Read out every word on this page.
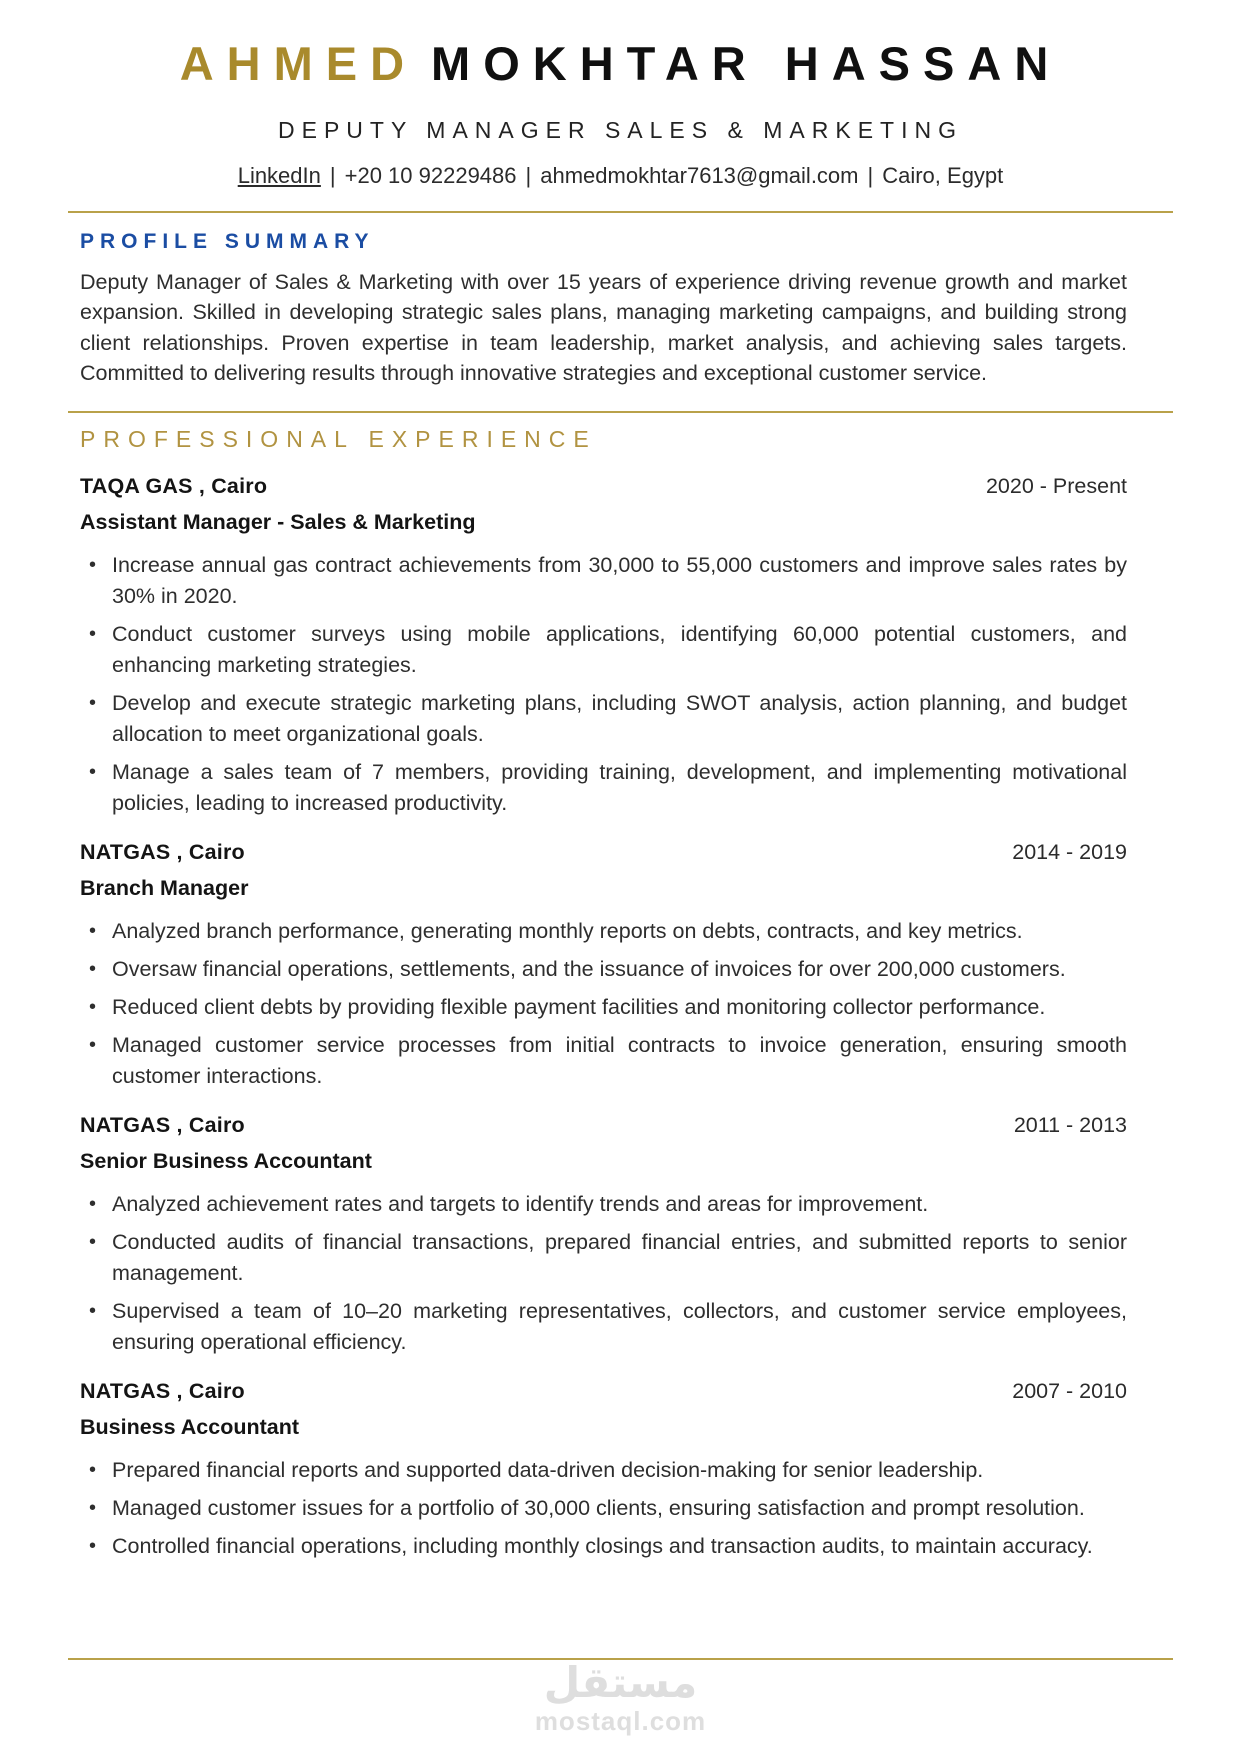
AHMED MOKHTAR HASSAN
DEPUTY MANAGER SALES & MARKETING
LinkedIn | +20 10 92229486 | ahmedmokhtar7613@gmail.com | Cairo, Egypt
PROFILE SUMMARY

Deputy Manager of Sales & Marketing with over 15 years of experience driving revenue growth and market expansion. Skilled in developing strategic sales plans, managing marketing campaigns, and building strong client relationships. Proven expertise in team leadership, market analysis, and achieving sales targets. Committed to delivering results through innovative strategies and exceptional customer service.

PROFESSIONAL EXPERIENCE
TAQA GAS , Cairo	2020 - Present
Assistant Manager - Sales & Marketing
• Increase annual gas contract achievements from 30,000 to 55,000 customers and improve sales rates by 30% in 2020.
• Conduct customer surveys using mobile applications, identifying 60,000 potential customers, and enhancing marketing strategies.
• Develop and execute strategic marketing plans, including SWOT analysis, action planning, and budget allocation to meet organizational goals.
• Manage a sales team of 7 members, providing training, development, and implementing motivational policies, leading to increased productivity.
NATGAS , Cairo	2014 - 2019
Branch Manager
• Analyzed branch performance, generating monthly reports on debts, contracts, and key metrics.
• Oversaw financial operations, settlements, and the issuance of invoices for over 200,000 customers.
• Reduced client debts by providing flexible payment facilities and monitoring collector performance.
• Managed customer service processes from initial contracts to invoice generation, ensuring smooth customer interactions.
NATGAS , Cairo	2011 - 2013
Senior Business Accountant
• Analyzed achievement rates and targets to identify trends and areas for improvement.
• Conducted audits of financial transactions, prepared financial entries, and submitted reports to senior management.
• Supervised a team of 10–20 marketing representatives, collectors, and customer service employees, ensuring operational efficiency.
NATGAS , Cairo	2007 - 2010
Business Accountant
• Prepared financial reports and supported data-driven decision-making for senior leadership.
• Managed customer issues for a portfolio of 30,000 clients, ensuring satisfaction and prompt resolution.
• Controlled financial operations, including monthly closings and transaction audits, to maintain accuracy.
مستقل
mostaql.com
